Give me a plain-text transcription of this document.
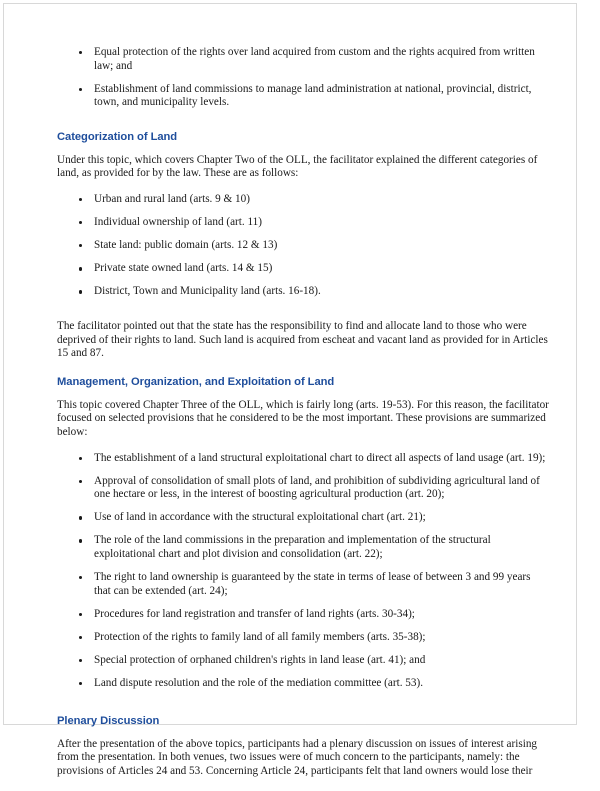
Equal protection of the rights over land acquired from custom and the rights acquired from written law; and
Establishment of land commissions to manage land administration at national, provincial, district, town, and municipality levels.
Categorization of Land

Under this topic, which covers Chapter Two of the OLL, the facilitator explained the different categories of land, as provided for by the law. These are as follows:

Urban and rural land (arts. 9 & 10)
Individual ownership of land (art. 11)
State land: public domain (arts. 12 & 13)
Private state owned land (arts. 14 & 15)
District, Town and Municipality land (arts. 16-18).

The facilitator pointed out that the state has the responsibility to find and allocate land to those who were deprived of their rights to land. Such land is acquired from escheat and vacant land as provided for in Articles 15 and 87.

Management, Organization, and Exploitation of Land

This topic covered Chapter Three of the OLL, which is fairly long (arts. 19-53). For this reason, the facilitator focused on selected provisions that he considered to be the most important. These provisions are summarized below:

The establishment of a land structural exploitational chart to direct all aspects of land usage (art. 19);
Approval of consolidation of small plots of land, and prohibition of subdividing agricultural land of one hectare or less, in the interest of boosting agricultural production (art. 20);
Use of land in accordance with the structural exploitational chart (art. 21);
The role of the land commissions in the preparation and implementation of the structural exploitational chart and plot division and consolidation (art. 22);
The right to land ownership is guaranteed by the state in terms of lease of between 3 and 99 years that can be extended (art. 24);
Procedures for land registration and transfer of land rights (arts. 30-34);
Protection of the rights to family land of all family members (arts. 35-38);
Special protection of orphaned children's rights in land lease (art. 41); and
Land dispute resolution and the role of the mediation committee (art. 53).
Plenary Discussion

After the presentation of the above topics, participants had a plenary discussion on issues of interest arising from the presentation. In both venues, two issues were of much concern to the participants, namely: the provisions of Articles 24 and 53. Concerning Article 24, participants felt that land owners would lose their
